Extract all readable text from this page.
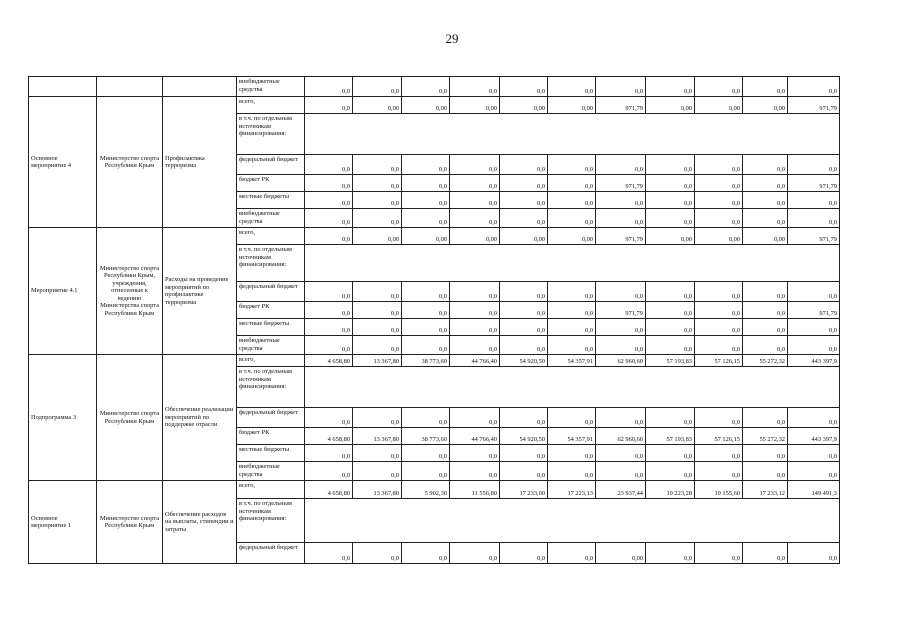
29
			внебюджетные средства	0,0	0,0	0,0	0,0	0,0	0,0	0,0	0,0	0,0	0,0	0,0
Основное мероприятие 4	Министерство спорта Республики Крым	Профилактика терроризма	всего,	0,0	0,00	0,00	0,00	0,00	0,00	971,79	0,00	0,00	0,00	971,79
			в т.ч. по отдельным источникам финансирования:											
			федеральный бюджет	0,0	0,0	0,0	0,0	0,0	0,0	0,0	0,0	0,0	0,0	0,0
			бюджет РК	0,0	0,0	0,0	0,0	0,0	0,0	971,79	0,0	0,0	0,0	971,79
			местные бюджеты	0,0	0,0	0,0	0,0	0,0	0,0	0,0	0,0	0,0	0,0	0,0
			внебюджетные средства	0,0	0,0	0,0	0,0	0,0	0,0	0,0	0,0	0,0	0,0	0,0
Мероприятие 4.1	Министерство спорта Республики Крым, учреждения, отнесенные к ведению Министерства спорта Республики Крым	Расходы на проведение мероприятий по профилактике терроризма	всего,	0,0	0,00	0,00	0,00	0,00	0,00	971,79	0,00	0,00	0,00	971,79
			в т.ч. по отдельным источникам финансирования:											
			федеральный бюджет	0,0	0,0	0,0	0,0	0,0	0,0	0,0	0,0	0,0	0,0	0,0
			бюджет РК	0,0	0,0	0,0	0,0	0,0	0,0	971,79	0,0	0,0	0,0	971,79
			местные бюджеты	0,0	0,0	0,0	0,0	0,0	0,0	0,0	0,0	0,0	0,0	0,0
			внебюджетные средства	0,0	0,0	0,0	0,0	0,0	0,0	0,0	0,0	0,0	0,0	0,0
Подпрограмма 3	Министерство спорта Республики Крым	Обеспечение реализации мероприятий по поддержке отрасли	всего,	4 658,80	13 367,80	38 773,60	44 766,40	54 920,50	54 357,91	62 960,60	57 193,83	57 126,15	55 272,32	443 397,9
			в т.ч. по отдельным источникам финансирования:											
			федеральный бюджет	0,0	0,0	0,0	0,0	0,0	0,0	0,0	0,0	0,0	0,0	0,0
			бюджет РК	4 658,80	13 367,80	38 773,60	44 766,40	54 920,50	54 357,91	62 960,60	57 193,83	57 126,15	55 272,32	443 397,9
			местные бюджеты	0,0	0,0	0,0	0,0	0,0	0,0	0,0	0,0	0,0	0,0	0,0
			внебюджетные средства	0,0	0,0	0,0	0,0	0,0	0,0	0,0	0,0	0,0	0,0	0,0
Основное мероприятие 1	Министерство спорта Республики Крым	Обеспечение расходов на выплаты, стипендии и затраты	всего,	4 658,80	13 367,80	5 902,30	11 556,80	17 233,00	17 223,13	23 937,44	19 223,28	19 155,60	17 233,12	149 491,3
			в т.ч. по отдельным источникам финансирования:											
			федеральный бюджет	0,0	0,0	0,0	0,0	0,0	0,0	0,00	0,0	0,0	0,0	0,0
